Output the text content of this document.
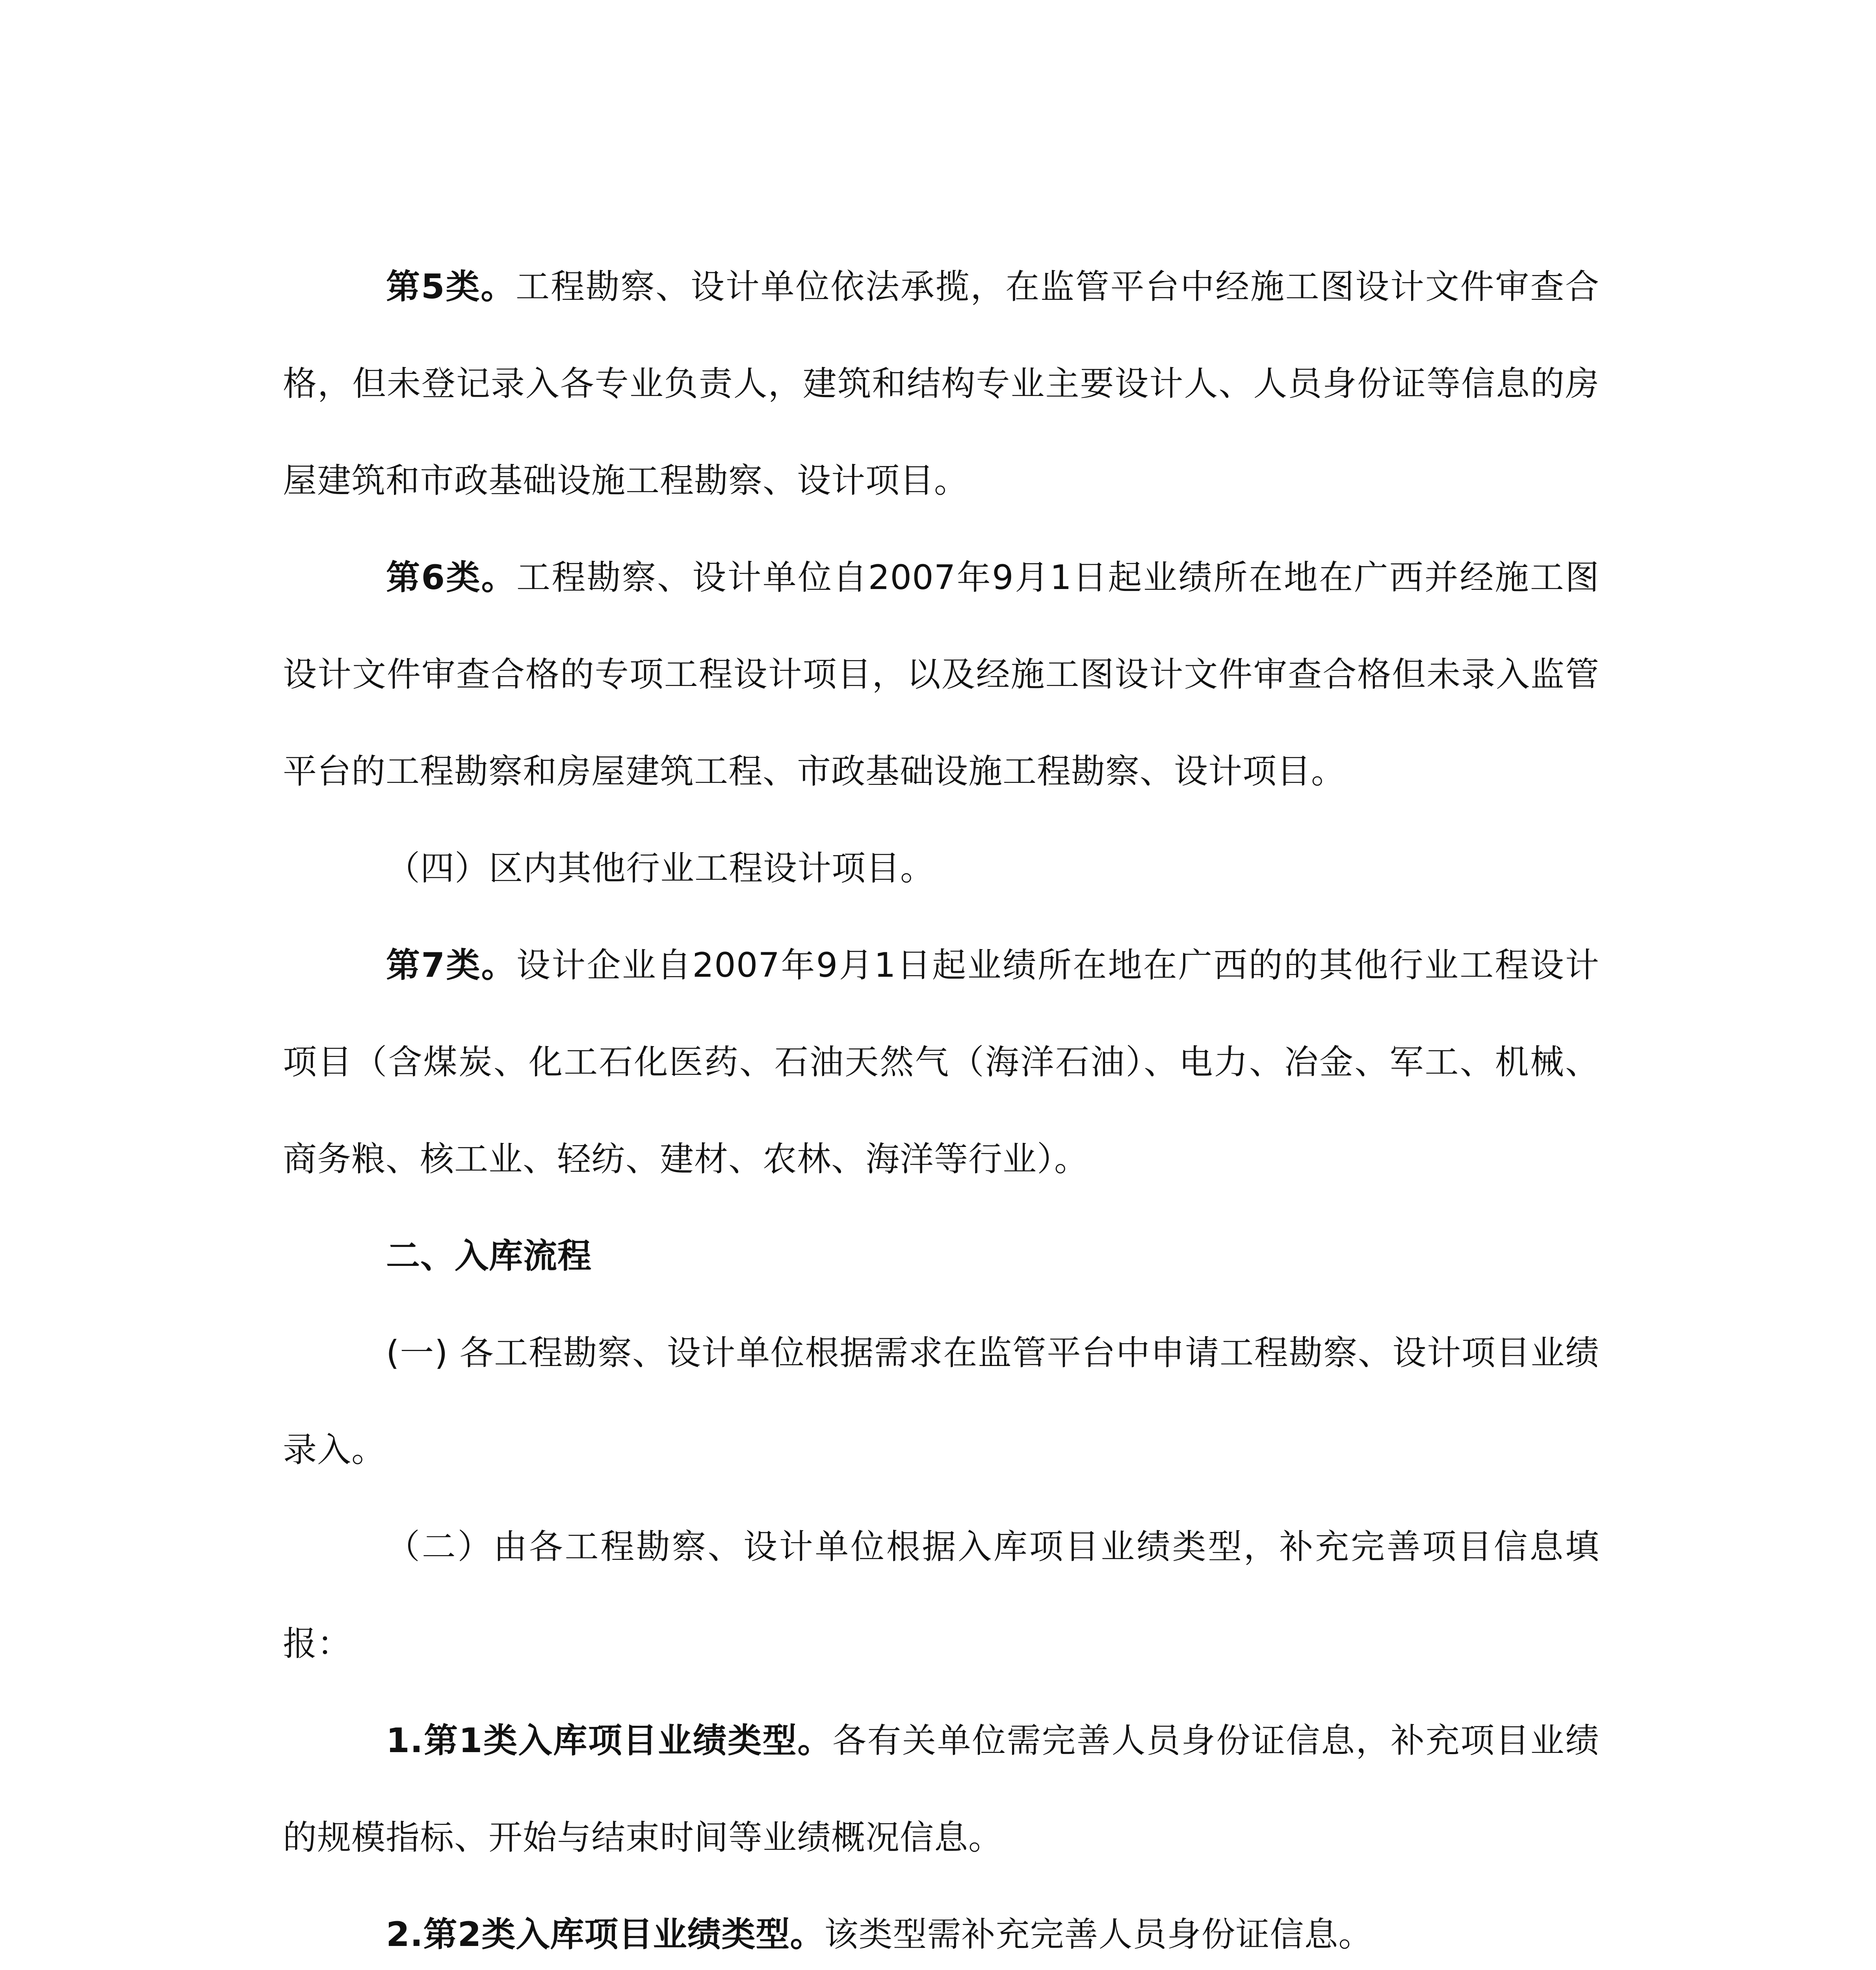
第5类。工程勘察、设计单位依法承揽，在监管平台中经施工图设计文件审查合格，但未登记录入各专业负责人，建筑和结构专业主要设计人、人员身份证等信息的房屋建筑和市政基础设施工程勘察、设计项目。

第6类。工程勘察、设计单位自2007年9月1日起业绩所在地在广西并经施工图设计文件审查合格的专项工程设计项目，以及经施工图设计文件审查合格但未录入监管平台的工程勘察和房屋建筑工程、市政基础设施工程勘察、设计项目。

（四）区内其他行业工程设计项目。

第7类。设计企业自2007年9月1日起业绩所在地在广西的的其他行业工程设计项目（含煤炭、化工石化医药、石油天然气（海洋石油）、电力、冶金、军工、机械、商务粮、核工业、轻纺、建材、农林、海洋等行业）。

二、入库流程

(一) 各工程勘察、设计单位根据需求在监管平台中申请工程勘察、设计项目业绩录入。

（二）由各工程勘察、设计单位根据入库项目业绩类型，补充完善项目信息填报：

1.第1类入库项目业绩类型。各有关单位需完善人员身份证信息，补充项目业绩的规模指标、开始与结束时间等业绩概况信息。

2.第2类入库项目业绩类型。该类型需补充完善人员身份证信息。
